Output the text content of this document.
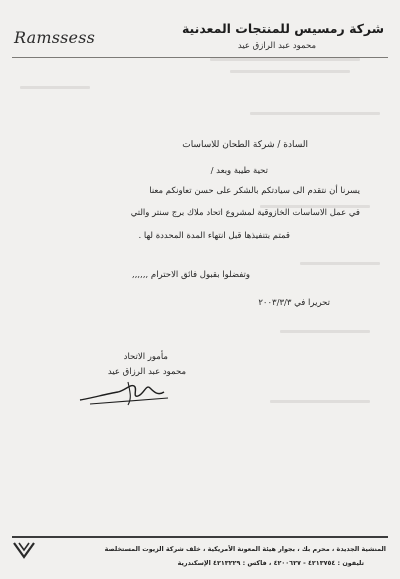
Ramssess	شركة رمسيس للمنتجات المعدنية
محمود عبد الرازق عيد
السادة / شركة الطحان للاساسات
تحية طيبة وبعد /
يسرنا أن نتقدم الى سيادتكم بالشكر على حسن تعاونكم معنا
في عمل الاساسات الخازوقية لمشروع اتحاد ملاك برج سنتر والتي
قمتم بتنفيذها قبل انتهاء المدة المحددة لها .
وتفضلوا بقبول فائق الاحترام ,,,,,,
تحريرا في ٢٠٠٣/٣/٣
مأمور الاتحاد
محمود عبد الرزاق عيد
المنشية الجديدة ، محرم بك ، بجوار هيئة المعونة الأمريكية ، خلف شركة الزيوت المستخلصة
تليفون : ٤٢١٣٧٥٤ - ٤٢٠٠٦٢٧ ، فاكس : ٤٢١٣٢٢٩ الإسكندرية
